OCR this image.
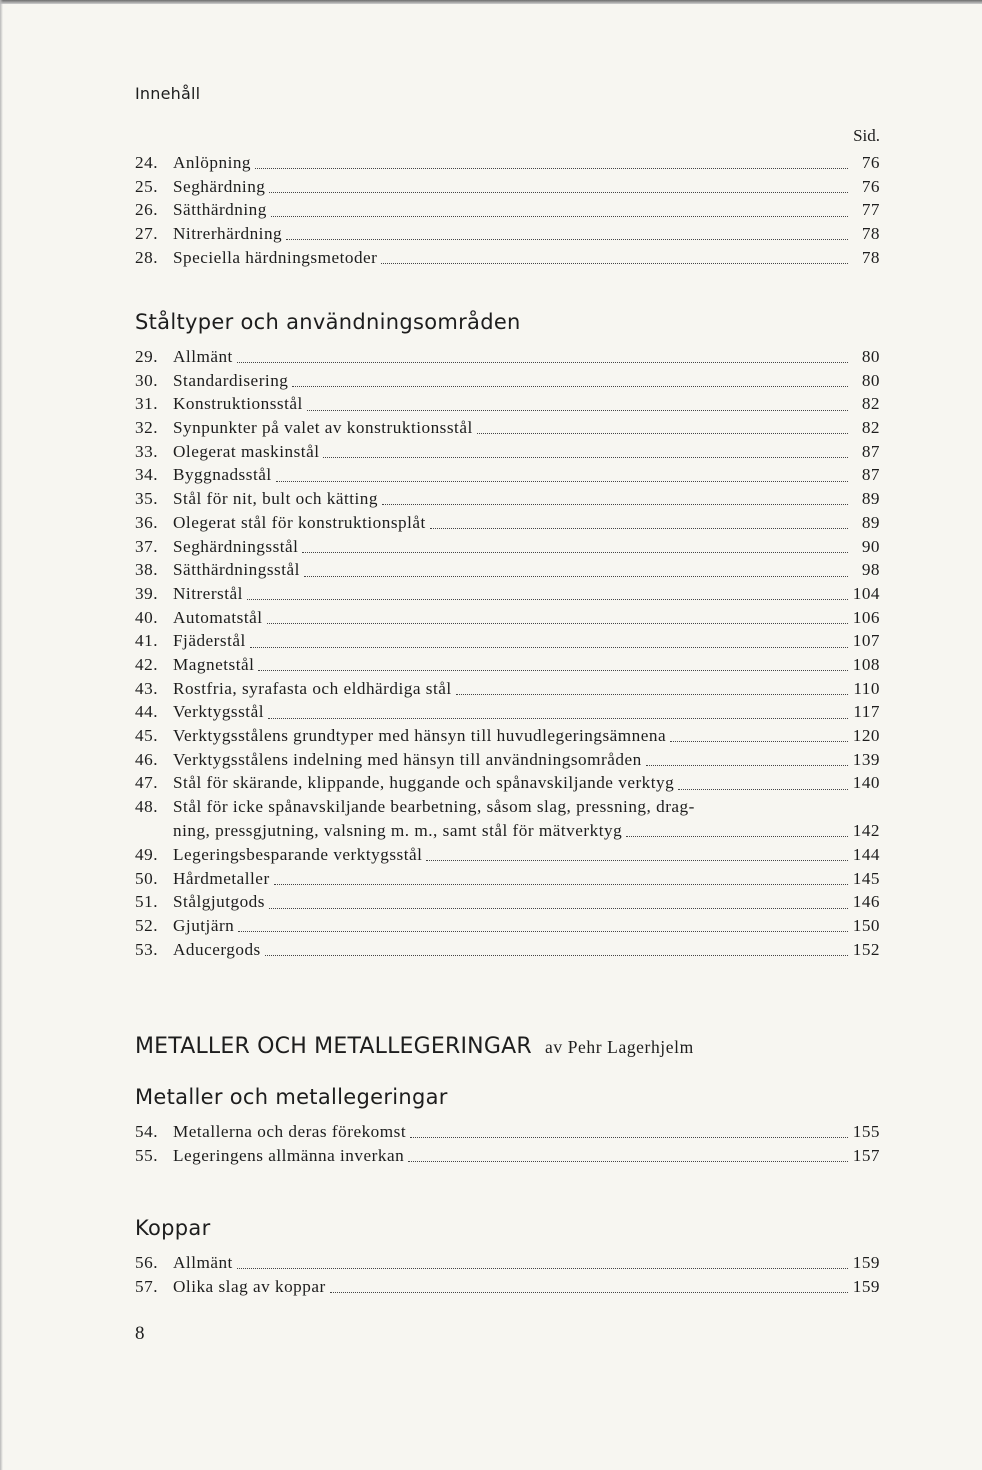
Innehåll
Sid.
24. Anlöpning	76
25. Seghärdning	76
26. Sätthärdning	77
27. Nitrerhärdning	78
28. Speciella härdningsmetoder	78
Ståltyper och användningsområden
29. Allmänt	80
30. Standardisering	80
31. Konstruktionsstål	82
32. Synpunkter på valet av konstruktionsstål	82
33. Olegerat maskinstål	87
34. Byggnadsstål	87
35. Stål för nit, bult och kätting	89
36. Olegerat stål för konstruktionsplåt	89
37. Seghärdningsstål	90
38. Sätthärdningsstål	98
39. Nitrerstål	104
40. Automatstål	106
41. Fjäderstål	107
42. Magnetstål	108
43. Rostfria, syrafasta och eldhärdiga stål	110
44. Verktygsstål	117
45. Verktygsstålens grundtyper med hänsyn till huvudlegeringsämnena	120
46. Verktygsstålens indelning med hänsyn till användningsområden	139
47. Stål för skärande, klippande, huggande och spånavskiljande verktyg	140
48. Stål för icke spånavskiljande bearbetning, såsom slag, pressning, drag-
ning, pressgjutning, valsning m. m., samt stål för mätverktyg	142
49. Legeringsbesparande verktygsstål	144
50. Hårdmetaller	145
51. Stålgjutgods	146
52. Gjutjärn	150
53. Aducergods	152
METALLER OCH METALLEGERINGAR av Pehr Lagerhjelm
Metaller och metallegeringar
54. Metallerna och deras förekomst	155
55. Legeringens allmänna inverkan	157
Koppar
56. Allmänt	159
57. Olika slag av koppar	159
8
